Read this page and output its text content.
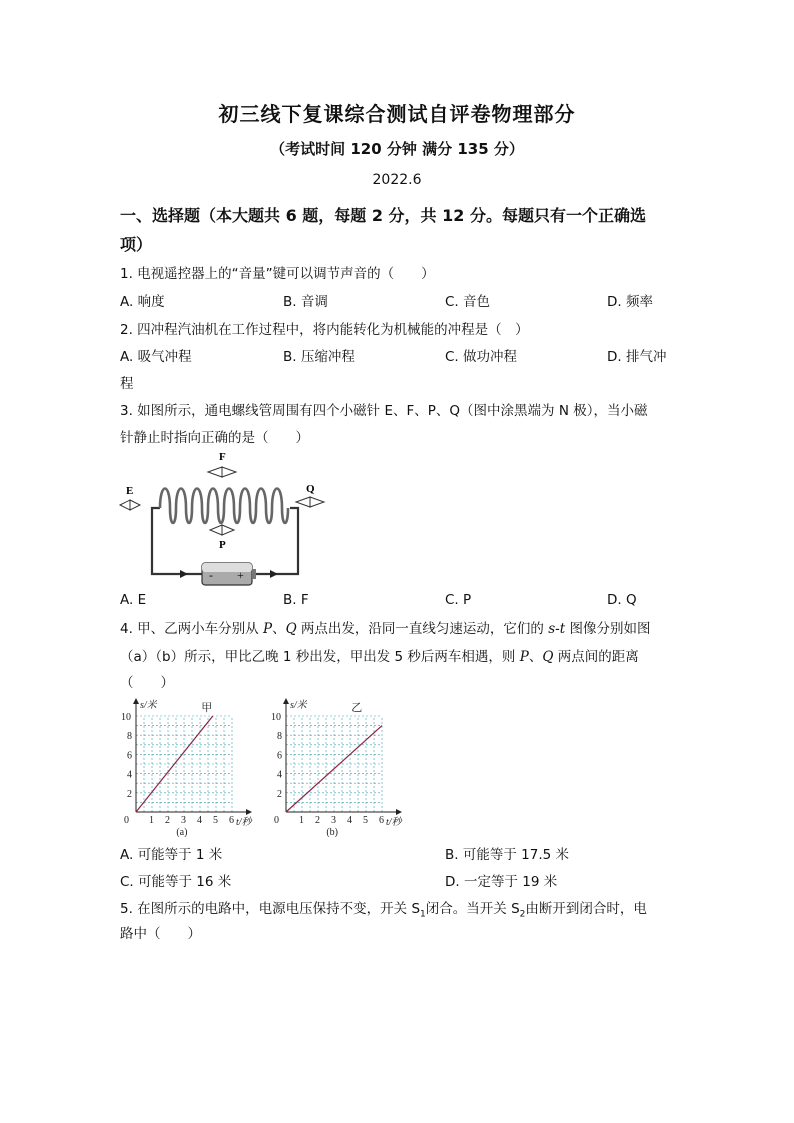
初三线下复课综合测试自评卷物理部分
（考试时间 120 分钟 满分 135 分）
2022.6
一、选择题（本大题共 6 题，每题 2 分，共 12 分。每题只有一个正确选
项）
1. 电视遥控器上的“音量”键可以调节声音的（　　）
A. 响度	B. 音调	C. 音色	D. 频率
2. 四冲程汽油机在工作过程中，将内能转化为机械能的冲程是（　）
A. 吸气冲程	B. 压缩冲程	C. 做功冲程	D. 排气冲
程
3. 如图所示，通电螺线管周围有四个小磁针 E、F、P、Q（图中涂黑端为 N 极），当小磁
针静止时指向正确的是（　　）
- +
E
F
P
Q
A. E	B. F	C. P	D. Q
4. 甲、乙两小车分别从 P、Q 两点出发，沿同一直线匀速运动，它们的 s-t 图像分别如图
（a）（b）所示，甲比乙晚 1 秒出发，甲出发 5 秒后两车相遇，则 P、Q 两点间的距离
（　　）
0 1 2 3 4 5 6
2
4
6
8
10
甲
s/米
t/秒
(a)
0 1 2 3 4 5 6
2
4
6
8
10
乙
s/米
t/秒
(b)
A. 可能等于 1 米	B. 可能等于 17.5 米
C. 可能等于 16 米	D. 一定等于 19 米
5. 在图所示的电路中，电源电压保持不变，开关 $S_1$闭合。当开关 $S_2$由断开到闭合时，电
路中（　　）
